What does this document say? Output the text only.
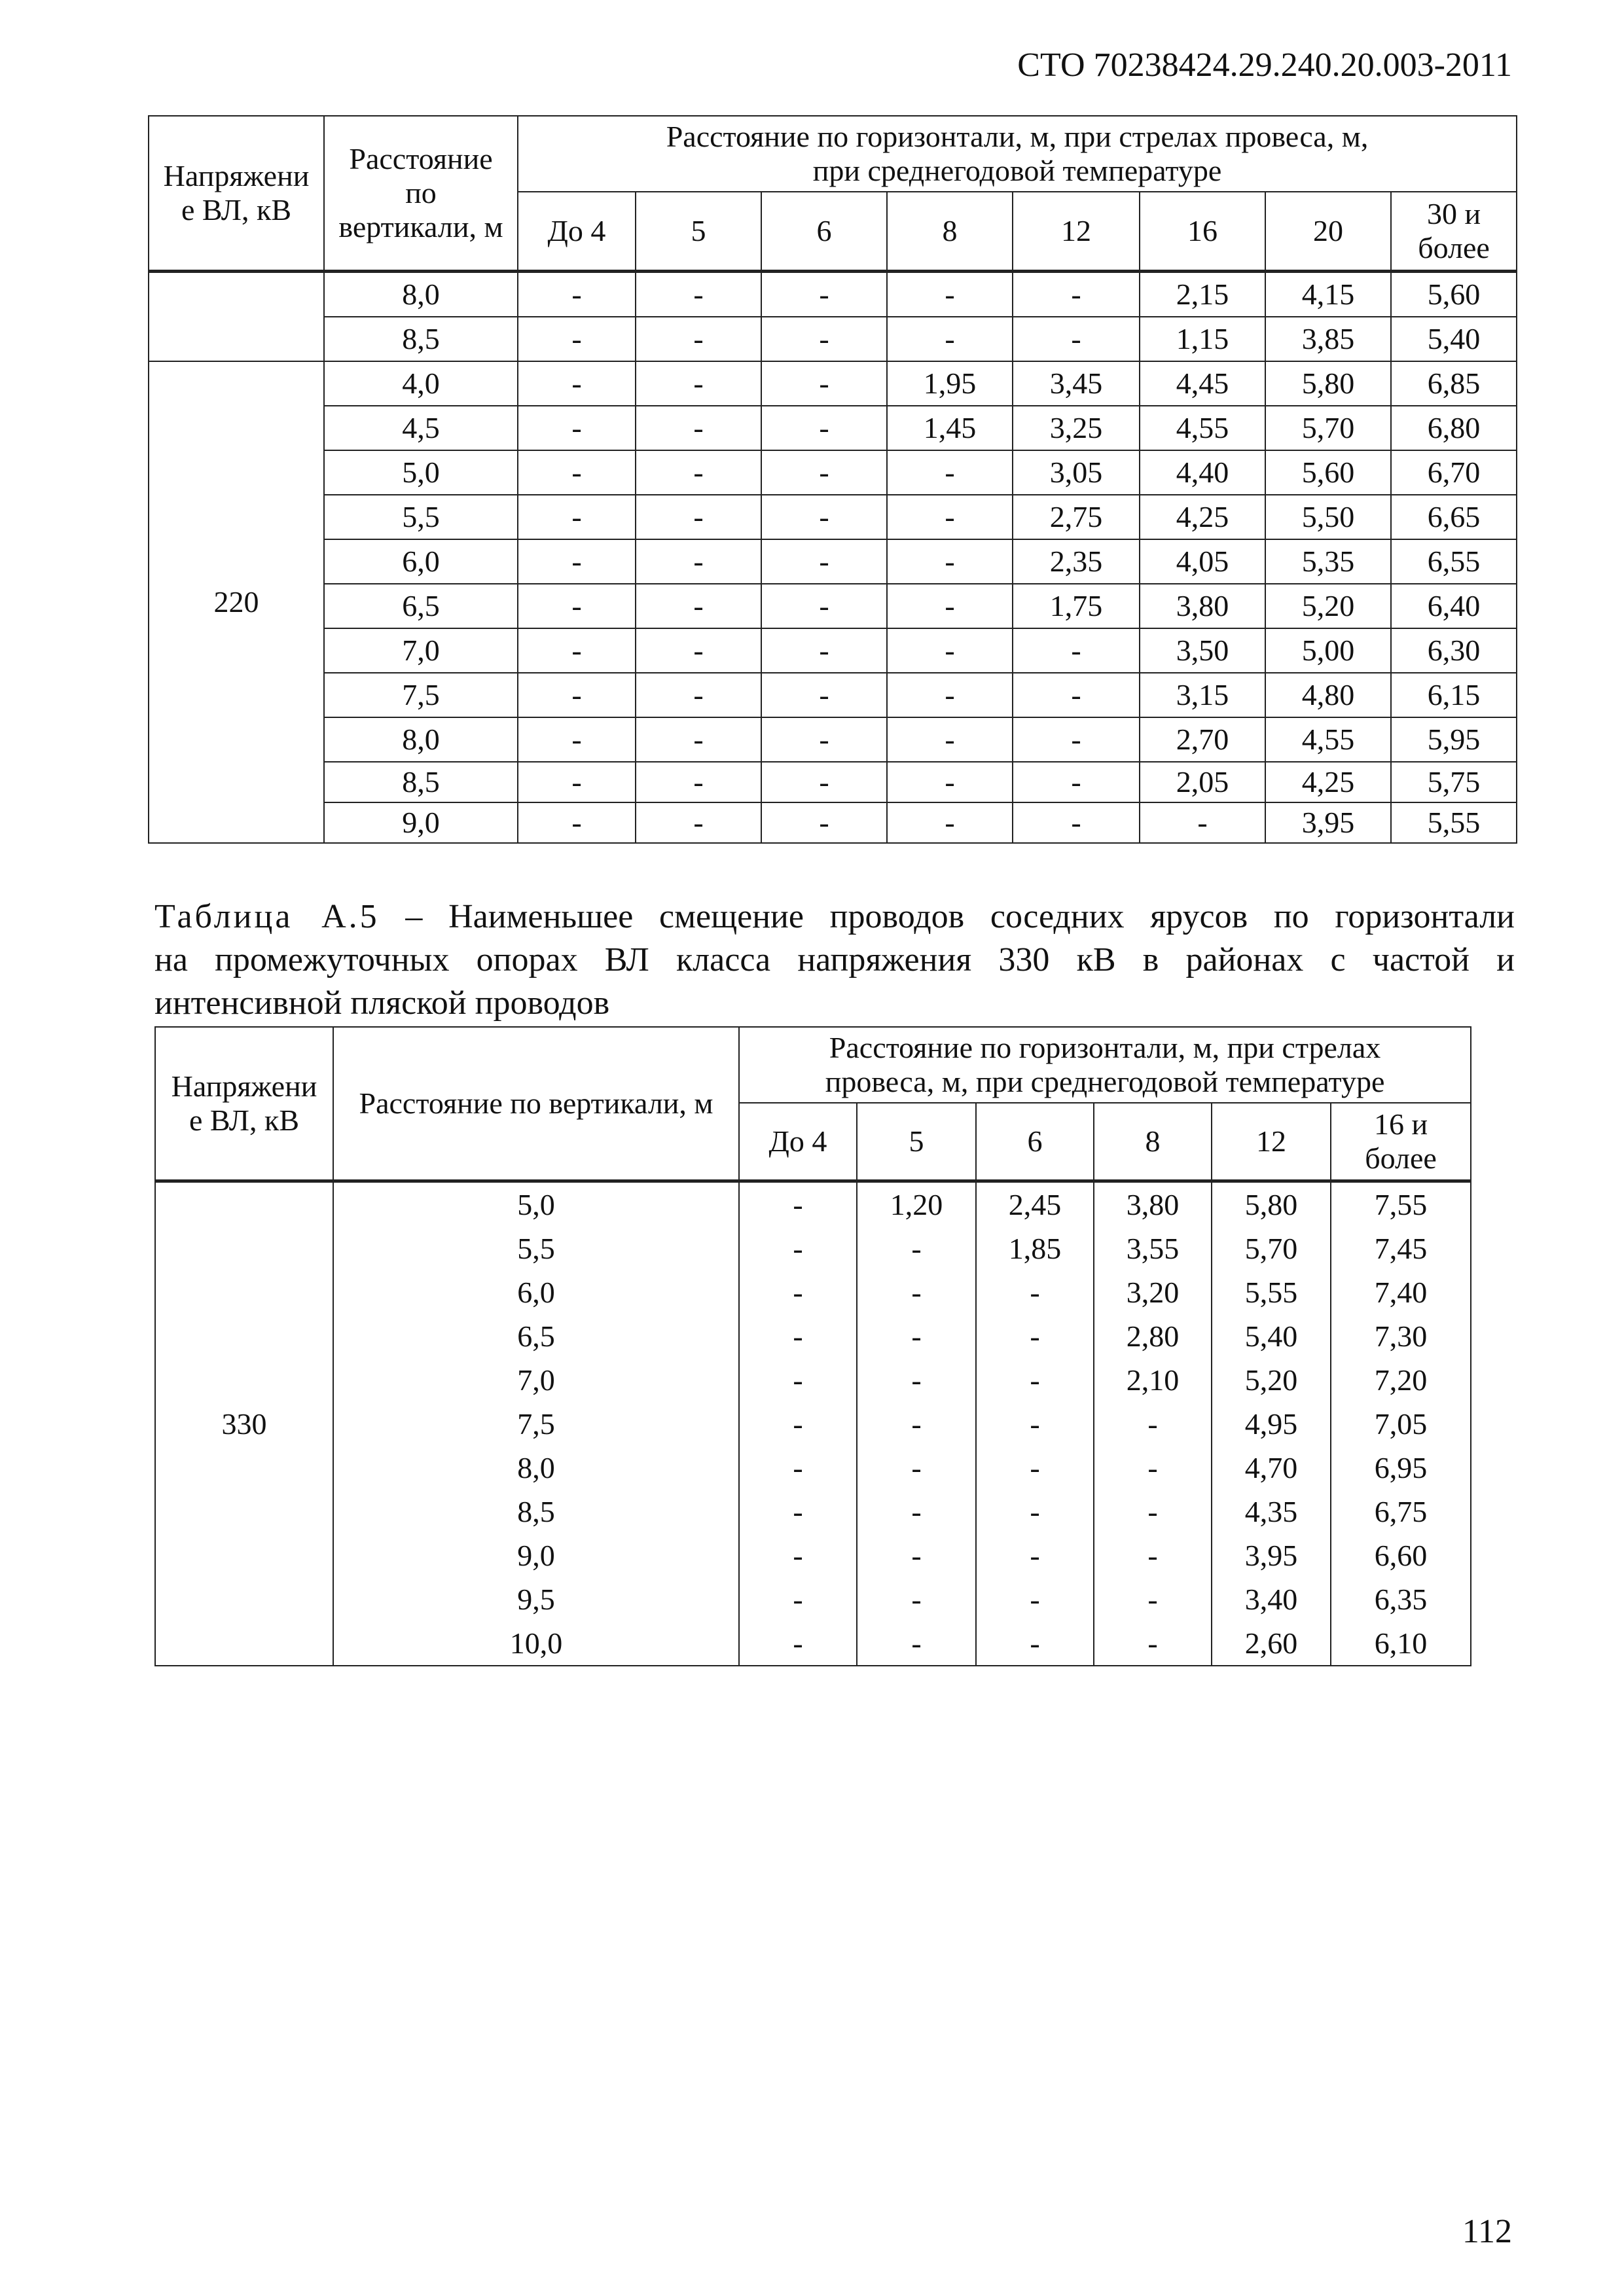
СТО 70238424.29.240.20.003-2011
Напряжени
е ВЛ, кВ	Расстояние
по
вертикали, м	Расстояние по горизонтали, м, при стрелах провеса, м,
при среднегодовой температуре							
		До 4	5	6	8	12	16	20	30 и
более
	8,0	-	-	-	-	-	2,15	4,15	5,60
	8,5	-	-	-	-	-	1,15	3,85	5,40
220	4,0	-	-	-	1,95	3,45	4,45	5,80	6,85
	4,5	-	-	-	1,45	3,25	4,55	5,70	6,80
	5,0	-	-	-	-	3,05	4,40	5,60	6,70
	5,5	-	-	-	-	2,75	4,25	5,50	6,65
	6,0	-	-	-	-	2,35	4,05	5,35	6,55
	6,5	-	-	-	-	1,75	3,80	5,20	6,40
	7,0	-	-	-	-	-	3,50	5,00	6,30
	7,5	-	-	-	-	-	3,15	4,80	6,15
	8,0	-	-	-	-	-	2,70	4,55	5,95
	8,5	-	-	-	-	-	2,05	4,25	5,75
	9,0	-	-	-	-	-	-	3,95	5,55
Таблица А.5 – Наименьшее смещение проводов соседних ярусов по горизонтали
на промежуточных опорах ВЛ класса напряжения 330 кВ в районах с частой и
интенсивной пляской проводов
Напряжени
е ВЛ, кВ	Расстояние по вертикали, м	Расстояние по горизонтали, м, при стрелах
провеса, м, при среднегодовой температуре					
		До 4	5	6	8	12	16 и
более
330	5,0	-	1,20	2,45	3,80	5,80	7,55
	5,5	-	-	1,85	3,55	5,70	7,45
	6,0	-	-	-	3,20	5,55	7,40
	6,5	-	-	-	2,80	5,40	7,30
	7,0	-	-	-	2,10	5,20	7,20
	7,5	-	-	-	-	4,95	7,05
	8,0	-	-	-	-	4,70	6,95
	8,5	-	-	-	-	4,35	6,75
	9,0	-	-	-	-	3,95	6,60
	9,5	-	-	-	-	3,40	6,35
	10,0	-	-	-	-	2,60	6,10
112
